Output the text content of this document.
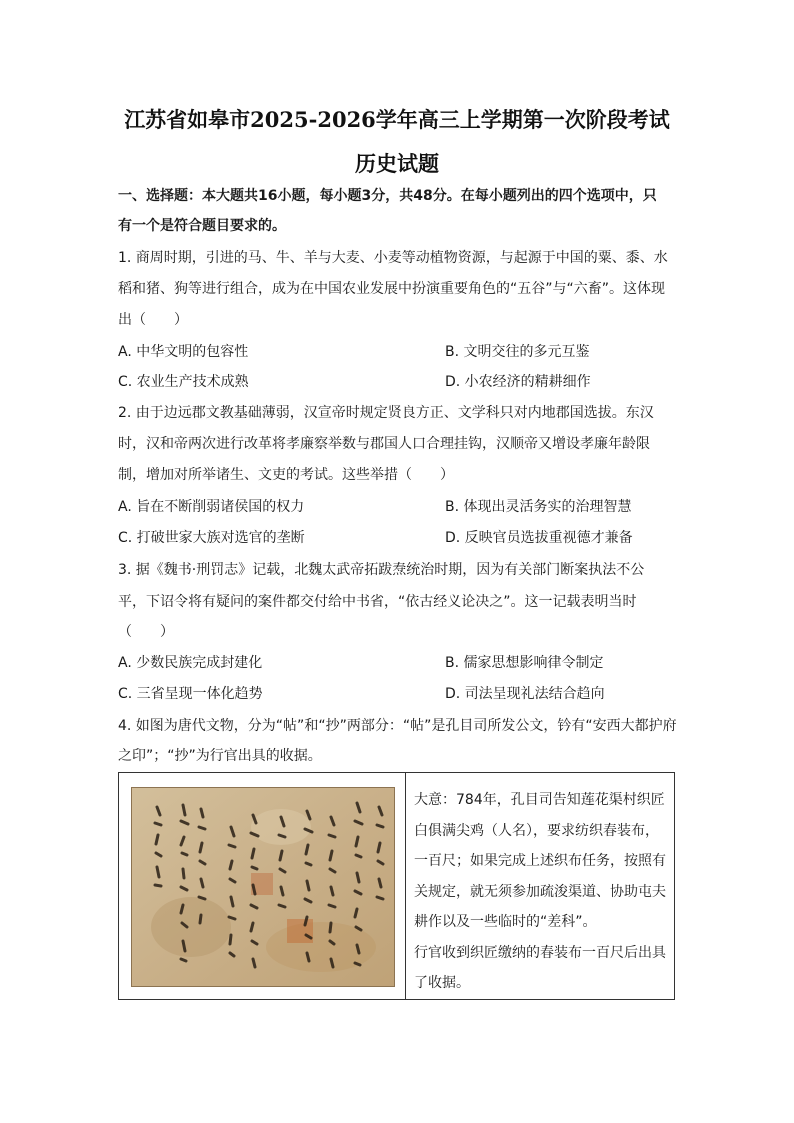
江苏省如皋市2025-2026学年高三上学期第一次阶段考试
历史试题
一、选择题：本大题共16小题，每小题3分，共48分。在每小题列出的四个选项中，只
有一个是符合题目要求的。
1. 商周时期，引进的马、牛、羊与大麦、小麦等动植物资源，与起源于中国的粟、黍、水
稻和猪、狗等进行组合，成为在中国农业发展中扮演重要角色的“五谷”与“六畜”。这体现
出（　　）
A. 中华文明的包容性	B. 文明交往的多元互鉴
C. 农业生产技术成熟	D. 小农经济的精耕细作
2. 由于边远郡文教基础薄弱，汉宣帝时规定贤良方正、文学科只对内地郡国选拔。东汉
时，汉和帝两次进行改革将孝廉察举数与郡国人口合理挂钩，汉顺帝又增设孝廉年龄限
制，增加对所举诸生、文吏的考试。这些举措（　　）
A. 旨在不断削弱诸侯国的权力	B. 体现出灵活务实的治理智慧
C. 打破世家大族对选官的垄断	D. 反映官员选拔重视德才兼备
3. 据《魏书·刑罚志》记载，北魏太武帝拓跋焘统治时期，因为有关部门断案执法不公
平，下诏令将有疑问的案件都交付给中书省，“依古经义论决之”。这一记载表明当时
（　　）
A. 少数民族完成封建化	B. 儒家思想影响律令制定
C. 三省呈现一体化趋势	D. 司法呈现礼法结合趋向
4. 如图为唐代文物，分为“帖”和“抄”两部分：“帖”是孔目司所发公文，钤有“安西大都护府
之印”；“抄”为行官出具的收据。
大意：784年，孔目司告知莲花渠村织匠
白俱满尖鸡（人名），要求纺织春装布，
一百尺；如果完成上述织布任务，按照有
关规定，就无须参加疏浚渠道、协助屯夫
耕作以及一些临时的“差科”。
行官收到织匠缴纳的春装布一百尺后出具
了收据。
